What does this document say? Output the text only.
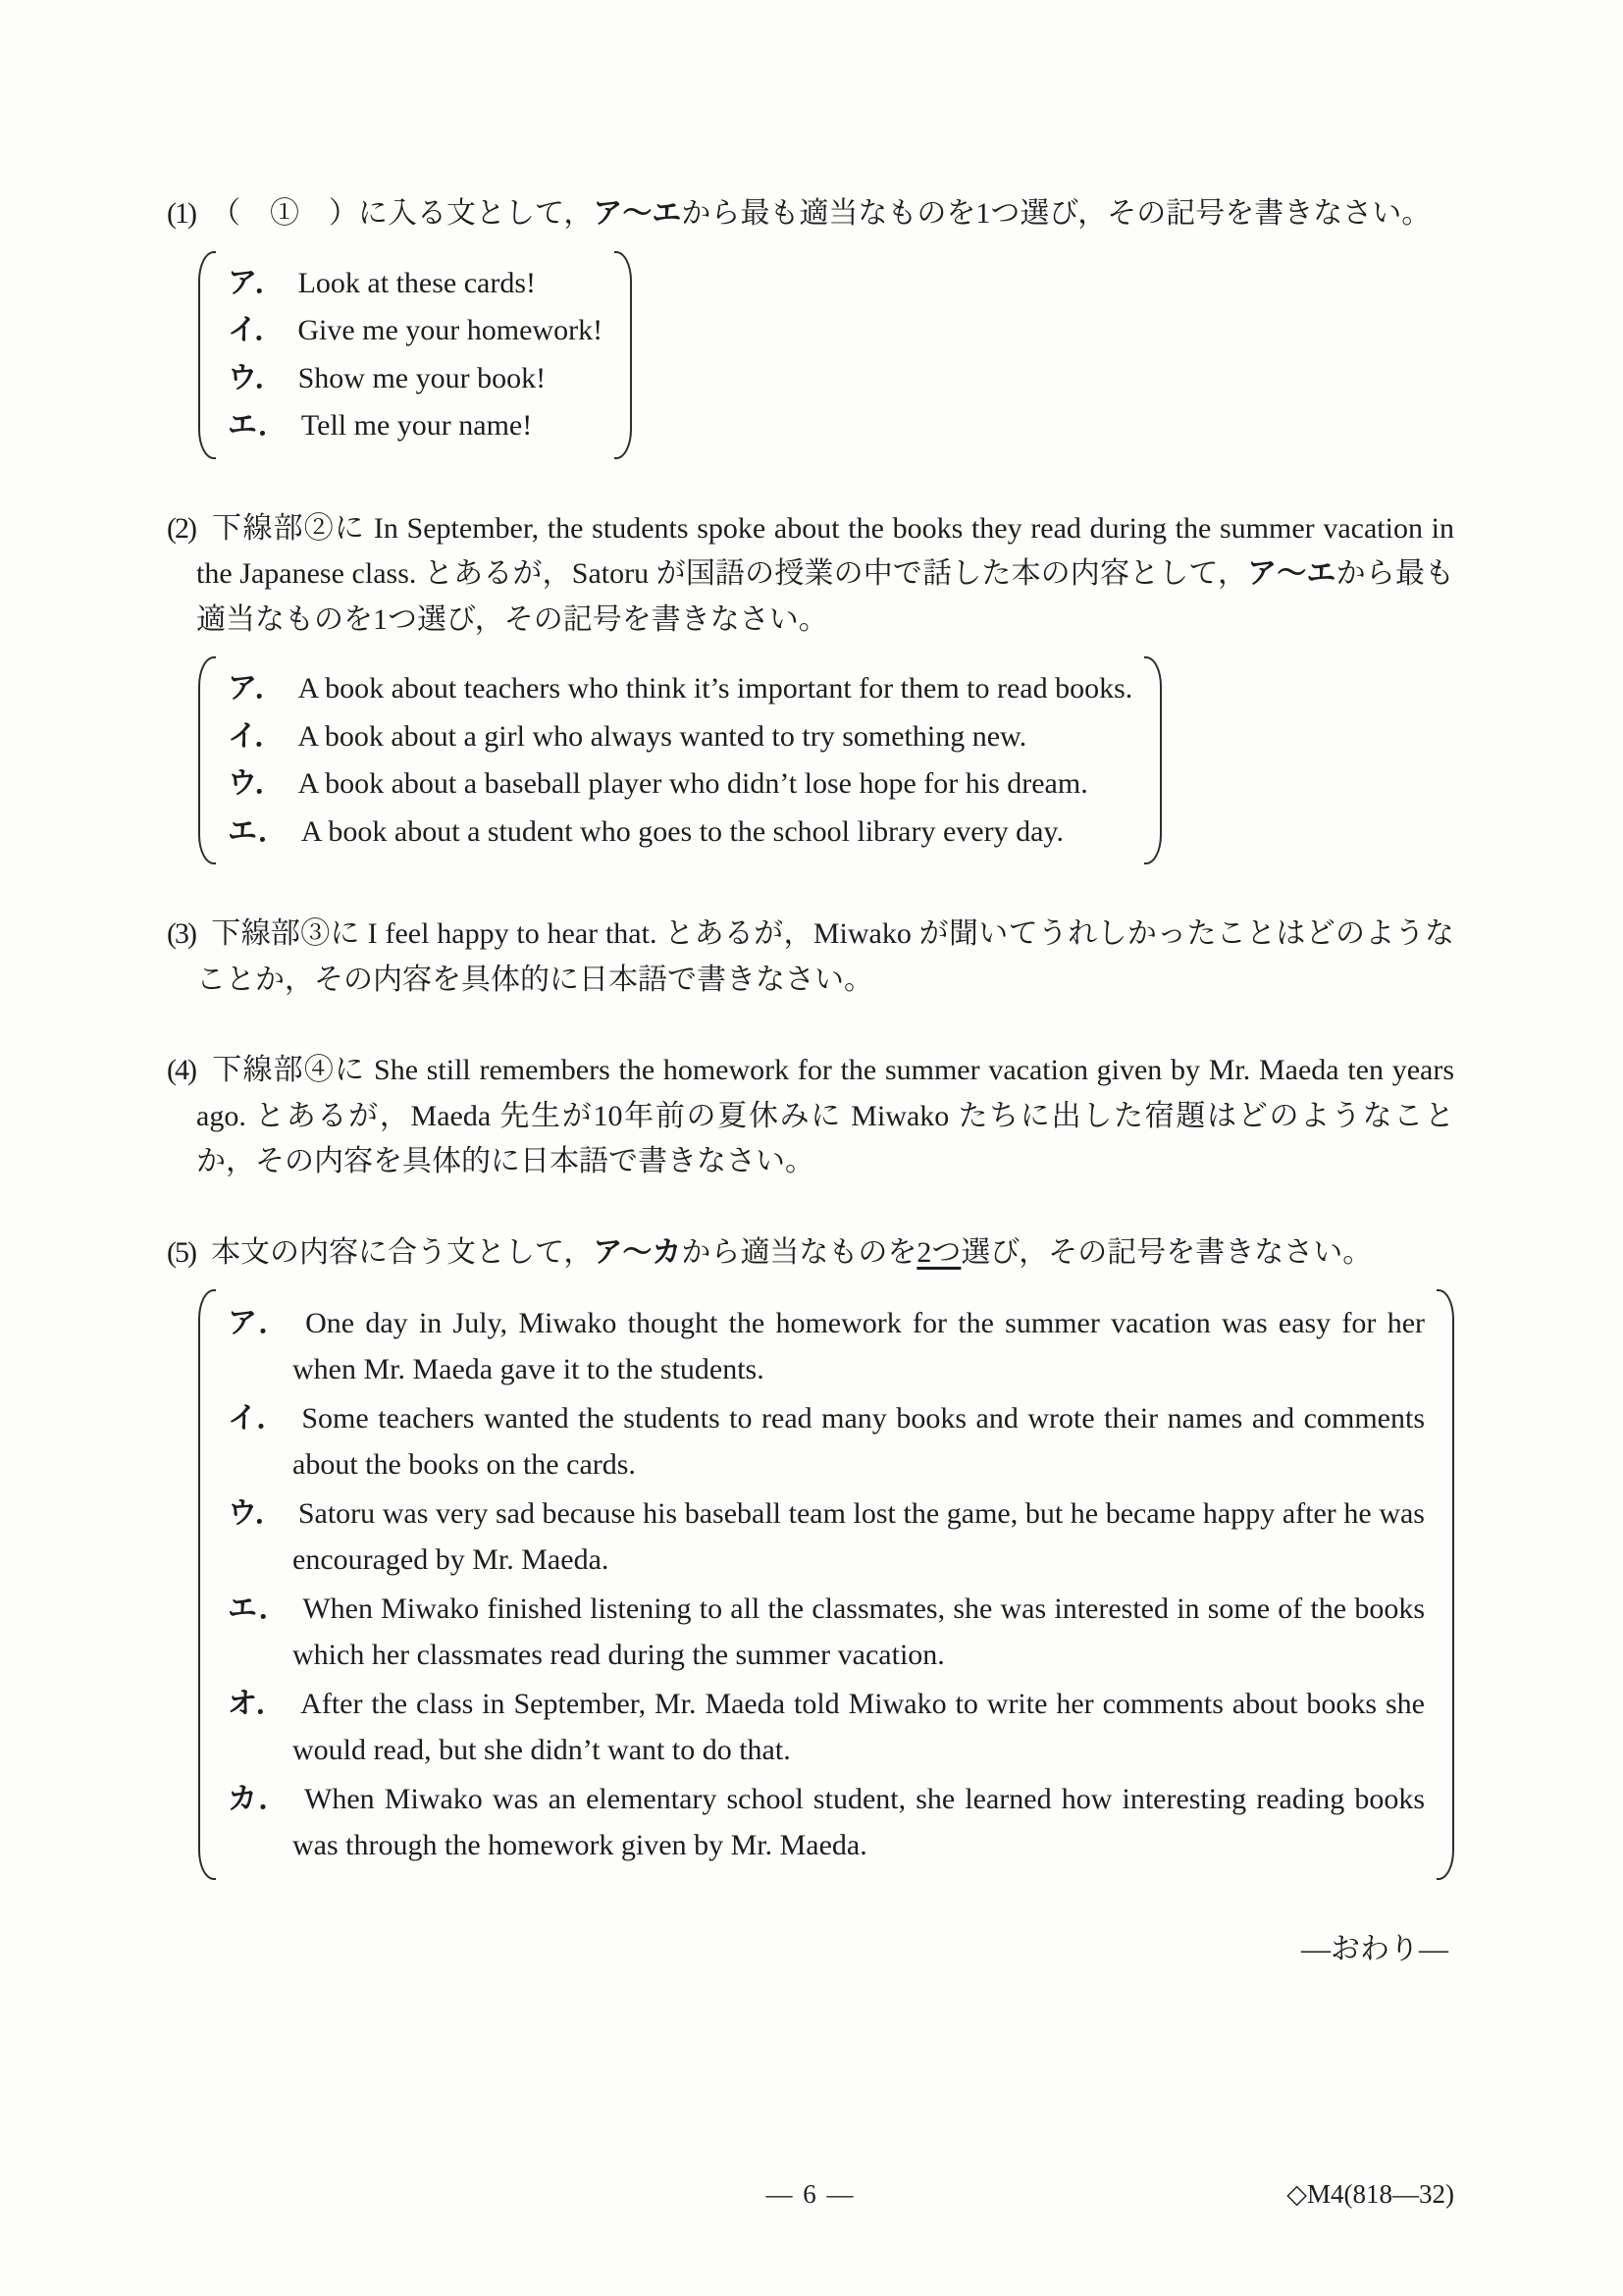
(1) （　①　）に入る文として，ア～エから最も適当なものを1つ選び，その記号を書きなさい。

ア． Look at these cards!
イ． Give me your homework!
ウ． Show me your book!
エ． Tell me your name!

(2) 下線部②に In September, the students spoke about the books they read during the summer vacation in the Japanese class. とあるが，Satoru が国語の授業の中で話した本の内容として，ア～エから最も適当なものを1つ選び，その記号を書きなさい。

ア． A book about teachers who think it’s important for them to read books.
イ． A book about a girl who always wanted to try something new.
ウ． A book about a baseball player who didn’t lose hope for his dream.
エ． A book about a student who goes to the school library every day.

(3) 下線部③に I feel happy to hear that. とあるが，Miwako が聞いてうれしかったことはどのようなことか，その内容を具体的に日本語で書きなさい。

(4) 下線部④に She still remembers the homework for the summer vacation given by Mr. Maeda ten years ago. とあるが，Maeda 先生が10年前の夏休みに Miwako たちに出した宿題はどのようなことか，その内容を具体的に日本語で書きなさい。

(5) 本文の内容に合う文として，ア～カから適当なものを2つ選び，その記号を書きなさい。

ア． One day in July, Miwako thought the homework for the summer vacation was easy for her when Mr. Maeda gave it to the students.
イ． Some teachers wanted the students to read many books and wrote their names and comments about the books on the cards.
ウ． Satoru was very sad because his baseball team lost the game, but he became happy after he was encouraged by Mr. Maeda.
エ． When Miwako finished listening to all the classmates, she was interested in some of the books which her classmates read during the summer vacation.
オ． After the class in September, Mr. Maeda told Miwako to write her comments about books she would read, but she didn’t want to do that.
カ． When Miwako was an elementary school student, she learned how interesting reading books was through the homework given by Mr. Maeda.
―おわり―
― 6 ―	◇M4(818―32)
